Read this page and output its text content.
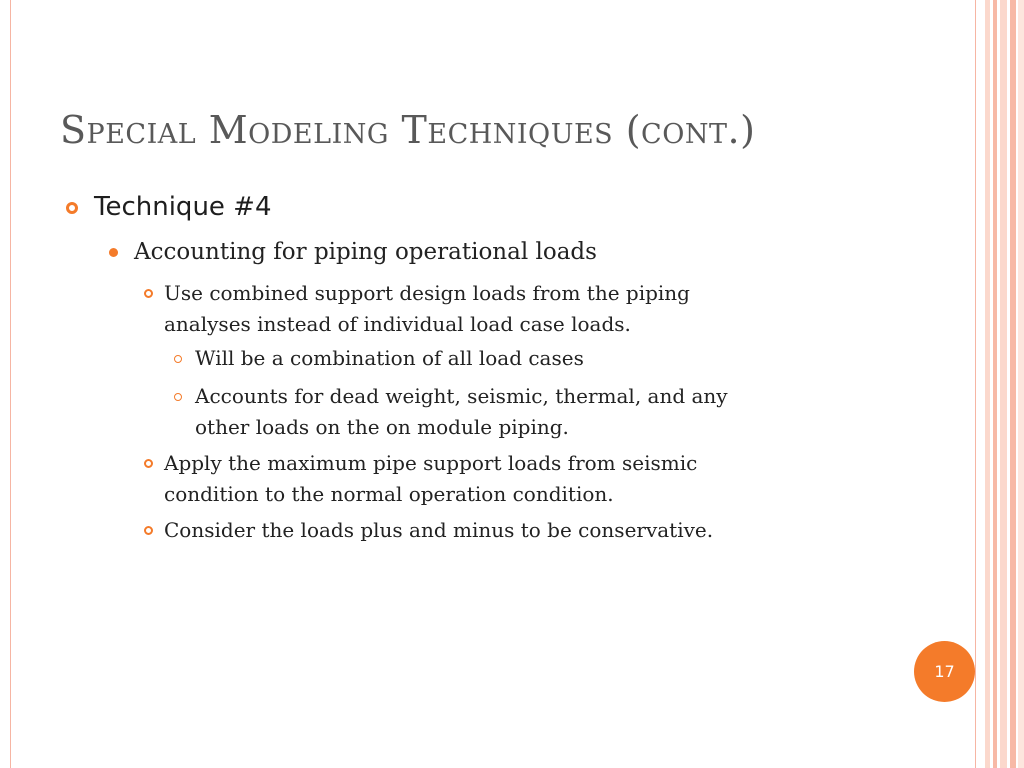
Special Modeling Techniques (cont.)
Technique #4
Accounting for piping operational loads
Use combined support design loads from the piping
analyses instead of individual load case loads.
Will be a combination of all load cases
Accounts for dead weight, seismic, thermal, and any
other loads on the on module piping.
Apply the maximum pipe support loads from seismic
condition to the normal operation condition.
Consider the loads plus and minus to be conservative.
17
